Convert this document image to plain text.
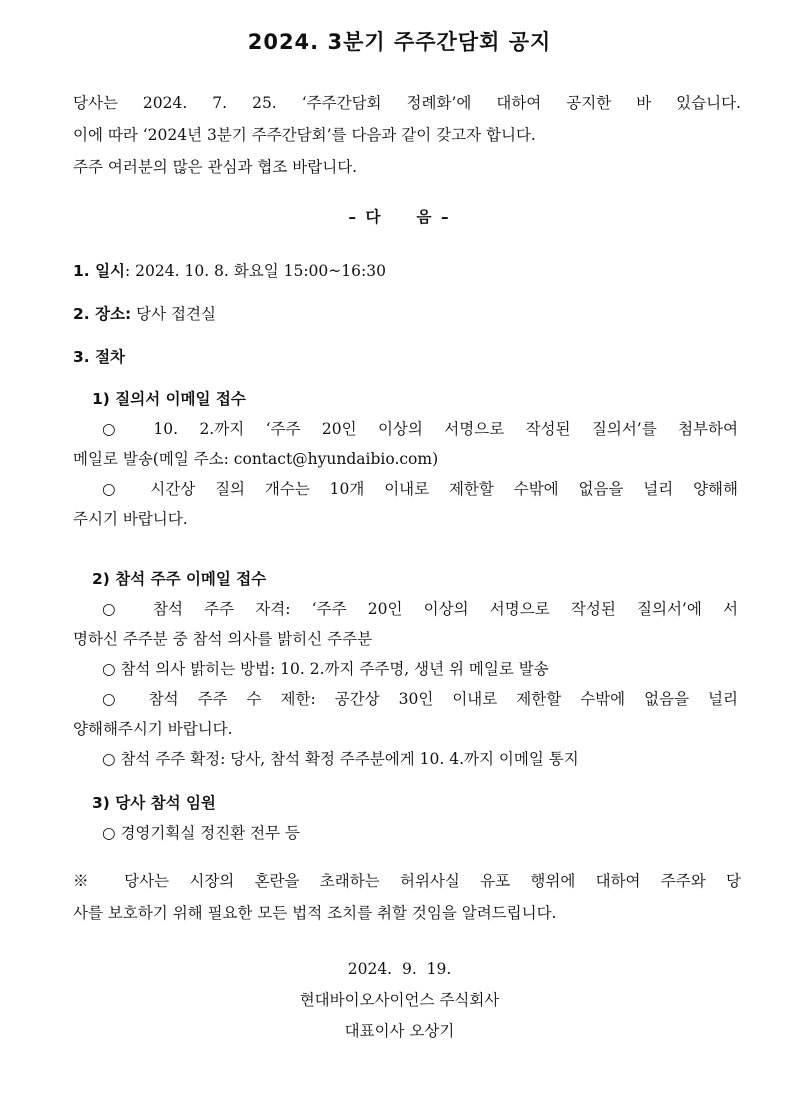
2024. 3분기 주주간담회 공지
당사는 2024. 7. 25. ‘주주간담회 정례화’에 대하여 공지한 바 있습니다.
이에 따라 ‘2024년 3분기 주주간담회’를 다음과 같이 갖고자 합니다.
주주 여러분의 많은 관심과 협조 바랍니다.
– 다 음 –
1. 일시: 2024. 10. 8. 화요일 15:00~16:30
2. 장소: 당사 접견실
3. 절차
1) 질의서 이메일 접수
○ 10. 2.까지 ‘주주 20인 이상의 서명으로 작성된 질의서’를 첨부하여
메일로 발송(메일 주소: contact@hyundaibio.com)
○ 시간상 질의 개수는 10개 이내로 제한할 수밖에 없음을 널리 양해해
주시기 바랍니다.
2) 참석 주주 이메일 접수
○ 참석 주주 자격: ‘주주 20인 이상의 서명으로 작성된 질의서’에 서
명하신 주주분 중 참석 의사를 밝히신 주주분
○ 참석 의사 밝히는 방법: 10. 2.까지 주주명, 생년 위 메일로 발송
○ 참석 주주 수 제한: 공간상 30인 이내로 제한할 수밖에 없음을 널리
양해해주시기 바랍니다.
○ 참석 주주 확정: 당사, 참석 확정 주주분에게 10. 4.까지 이메일 통지
3) 당사 참석 임원
○ 경영기획실 정진환 전무 등
※ 당사는 시장의 혼란을 초래하는 허위사실 유포 행위에 대하여 주주와 당
사를 보호하기 위해 필요한 모든 법적 조치를 취할 것임을 알려드립니다.
2024.  9.  19.
현대바이오사이언스 주식회사
대표이사 오상기
